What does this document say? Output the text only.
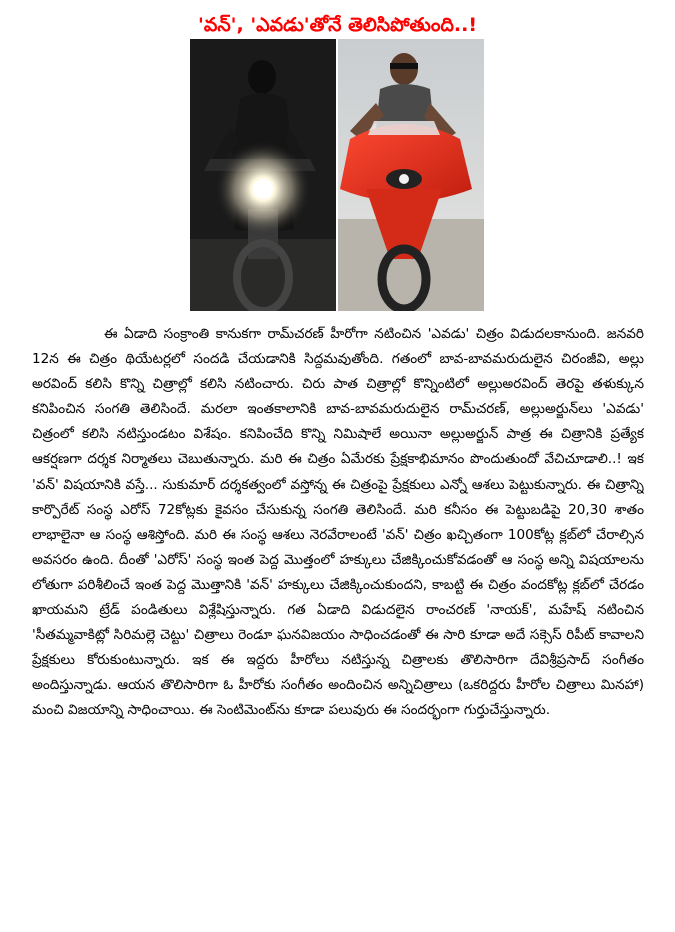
'వన్', 'ఎవడు'తోనే తెలిసిపోతుంది..!
ఈ ఏడాది సంక్రాంతి కానుకగా రామ్‌చరణ్ హీరోగా నటించిన 'ఎవడు' చిత్రం విడుదలకానుంది. జనవరి 12న ఈ చిత్రం థియేటర్లలో సందడి చేయడానికి సిద్దమవుతోంది. గతంలో బావ-బావమరుదులైన చిరంజీవి, అల్లు అరవింద్ కలిసి కొన్ని చిత్రాల్లో కలిసి నటించారు. చిరు పాత చిత్రాల్లో కొన్నింటిలో అల్లుఅరవింద్ తెరపై తళుక్కున కనిపించిన సంగతి తెలిసిందే. మరలా ఇంతకాలానికి బావ-బావమరుదులైన రామ్‌చరణ్, అల్లుఅర్జున్‌లు 'ఎవడు' చిత్రంలో కలిసి నటిస్తుండటం విశేషం. కనిపించేది కొన్ని నిమిషాలే అయినా అల్లుఅర్జున్ పాత్ర ఈ చిత్రానికి ప్రత్యేక ఆకర్షణగా దర్శక నిర్మాతలు చెబుతున్నారు. మరి ఈ చిత్రం ఏమేరకు ప్రేక్షకాభిమానం పొందుతుందో వేచిచూడాలి..! ఇక 'వన్' విషయానికి వస్తే... సుకుమార్ దర్శకత్వంలో వస్తోన్న ఈ చిత్రంపై ప్రేక్షకులు ఎన్నో ఆశలు పెట్టుకున్నారు. ఈ చిత్రాన్ని కార్పొరేట్ సంస్థ ఎరోస్ 72కోట్లకు కైవసం చేసుకున్న సంగతి తెలిసిందే. మరి కనీసం ఈ పెట్టుబడిపై 20,30 శాతం లాభాలైనా ఆ సంస్థ ఆశిస్తోంది. మరి ఈ సంస్థ ఆశలు నెరవేరాలంటే 'వన్' చిత్రం ఖచ్చితంగా 100కోట్ల క్లబ్‌లో చేరాల్సిన అవసరం ఉంది. దీంతో 'ఎరోస్' సంస్థ ఇంత పెద్ద మొత్తంలో హక్కులు చేజిక్కించుకోవడంతో ఆ సంస్థ అన్ని విషయాలను లోతుగా పరిశీలించే ఇంత పెద్ద మొత్తానికి 'వన్' హక్కులు చేజిక్కించుకుందని, కాబట్టి ఈ చిత్రం వందకోట్ల క్లబ్‌లో చేరడం ఖాయమని ట్రేడ్ పండితులు విశ్లేషిస్తున్నారు. గత ఏడాది విడుదలైన రాంచరణ్ 'నాయక్', మహేష్ నటించిన 'సీతమ్మవాకిట్లో సిరిమల్లె చెట్టు' చిత్రాలు రెండూ ఘనవిజయం సాధించడంతో ఈ సారి కూడా అదే సక్సెస్ రిపీట్ కావాలని ప్రేక్షకులు కోరుకుంటున్నారు. ఇక ఈ ఇద్దరు హీరోలు నటిస్తున్న చిత్రాలకు తొలిసారిగా దేవిశ్రీప్రసాద్ సంగీతం అందిస్తున్నాడు. ఆయన తొలిసారిగా ఓ హీరోకు సంగీతం అందించిన అన్నిచిత్రాలు (ఒకరిద్దరు హీరోల చిత్రాలు మినహా) మంచి విజయాన్ని సాధించాయి. ఈ సెంటిమెంట్‌ను కూడా పలువురు ఈ సందర్భంగా గుర్తుచేస్తున్నారు.
